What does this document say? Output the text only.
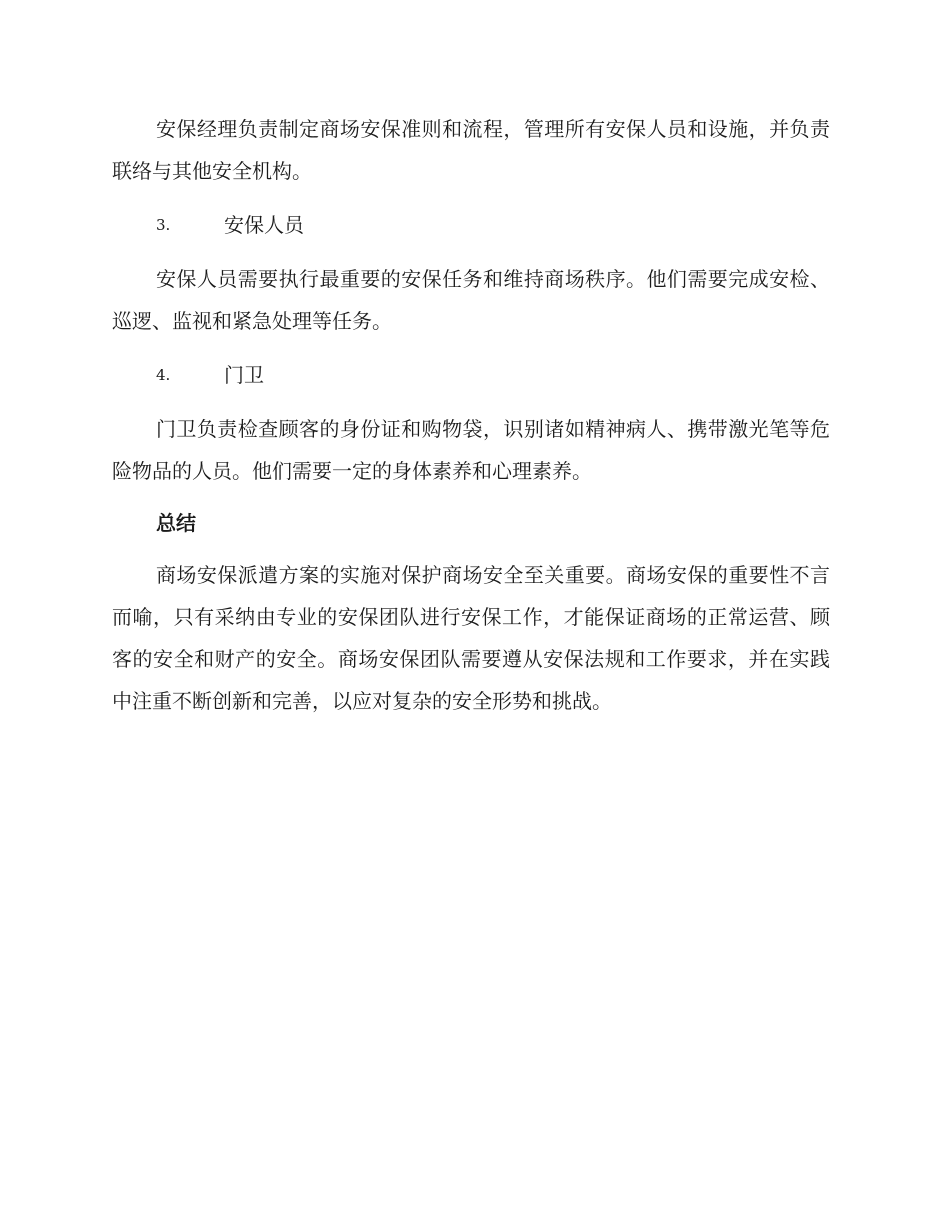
安保经理负责制定商场安保准则和流程，管理所有安保人员和设施，并负责联络与其他安全机构。

3.	安保人员

安保人员需要执行最重要的安保任务和维持商场秩序。他们需要完成安检、巡逻、监视和紧急处理等任务。

4.	门卫

门卫负责检查顾客的身份证和购物袋，识别诸如精神病人、携带激光笔等危险物品的人员。他们需要一定的身体素养和心理素养。

总结

商场安保派遣方案的实施对保护商场安全至关重要。商场安保的重要性不言而喻，只有采纳由专业的安保团队进行安保工作，才能保证商场的正常运营、顾客的安全和财产的安全。商场安保团队需要遵从安保法规和工作要求，并在实践中注重不断创新和完善，以应对复杂的安全形势和挑战。
